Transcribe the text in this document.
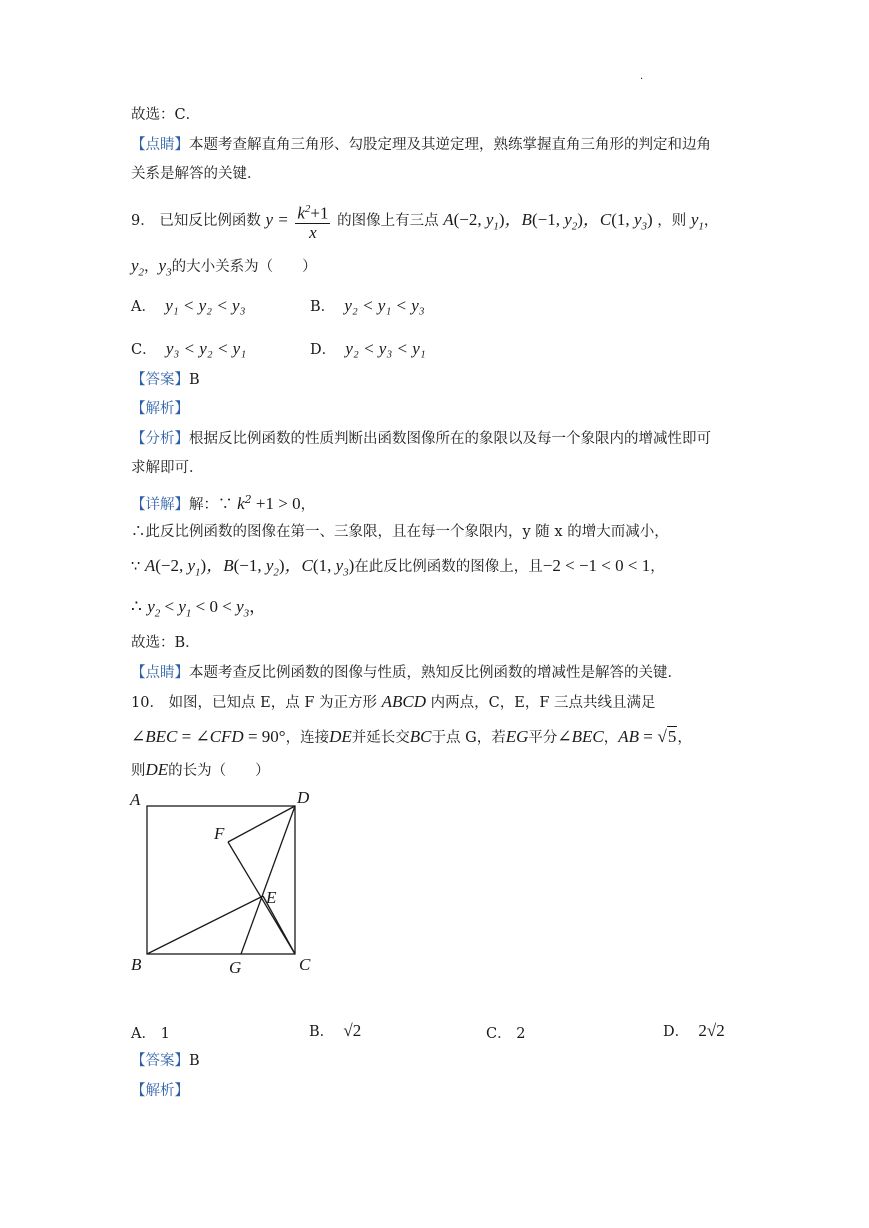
·
故选：C．
【点睛】本题考查解直角三角形、勾股定理及其逆定理，熟练掌握直角三角形的判定和边角
关系是解答的关键．
9． 已知反比例函数 $y = \frac{k^2+1}{x}$ 的图像上有三点 A(−2, $y_1$)，B(−1, $y_2$)，C(1, $y_3$) ，则 $y_1$，
$y_2$，$y_3$的大小关系为（　　）
A． y₁ < y₂ < y₃	B． y₂ < y₁ < y₃
C． y₃ < y₂ < y₁	D． y₂ < y₃ < y₁
【答案】B
【解析】
【分析】根据反比例函数的性质判断出函数图像所在的象限以及每一个象限内的增减性即可
求解即可．
【详解】解：∵ $k^2 +1 > 0$，
∴此反比例函数的图像在第一、三象限，且在每一个象限内，y 随 x 的增大而减小，
∵ A(−2, $y_1$)，B(−1, $y_2$)，C(1, $y_3$)在此反比例函数的图像上，且−2 < −1 < 0 < 1，
∴ $y_2 < y_1 < 0 < y_3$，
故选：B．
【点睛】本题考查反比例函数的图像与性质，熟知反比例函数的增减性是解答的关键．
10． 如图，已知点 E，点 F 为正方形 ABCD 内两点，C，E，F 三点共线且满足
∠BEC = ∠CFD = 90°，连接DE并延长交BC于点 G，若EG平分∠BEC，AB = √5，
则DE的长为（　　）
A	D
F
E
B	G	C
A． 1	B． √2	C． 2	D． 2√2
【答案】B
【解析】
